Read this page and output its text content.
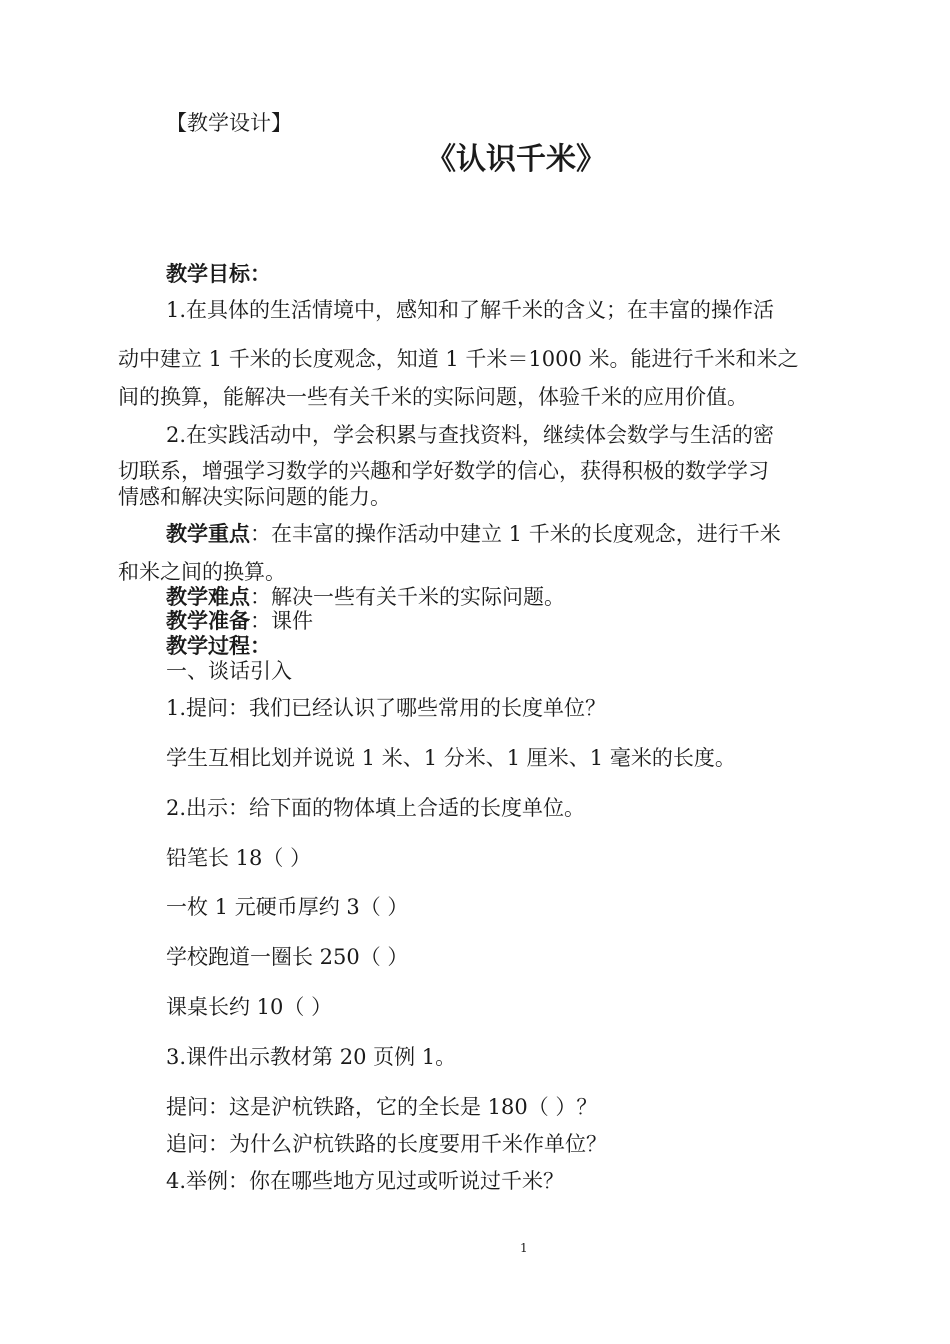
【教学设计】
《认识千米》
教学目标：
1.在具体的生活情境中，感知和了解千米的含义；在丰富的操作活
动中建立 1 千米的长度观念，知道 1 千米＝1000 米。能进行千米和米之
间的换算，能解决一些有关千米的实际问题，体验千米的应用价值。
2.在实践活动中，学会积累与查找资料，继续体会数学与生活的密
切联系，增强学习数学的兴趣和学好数学的信心，获得积极的数学学习
情感和解决实际问题的能力。
教学重点：在丰富的操作活动中建立 1 千米的长度观念，进行千米
和米之间的换算。
教学难点：解决一些有关千米的实际问题。
教学准备：课件
教学过程：
一、谈话引入
1.提问：我们已经认识了哪些常用的长度单位？
学生互相比划并说说 1 米、1 分米、1 厘米、1 毫米的长度。
2.出示：给下面的物体填上合适的长度单位。
铅笔长 18（ ）
一枚 1 元硬币厚约 3（ ）
学校跑道一圈长 250（ ）
课桌长约 10（ ）
3.课件出示教材第 20 页例 1。
提问：这是沪杭铁路，它的全长是 180（ ）？
追问：为什么沪杭铁路的长度要用千米作单位？
4.举例：你在哪些地方见过或听说过千米？
1
